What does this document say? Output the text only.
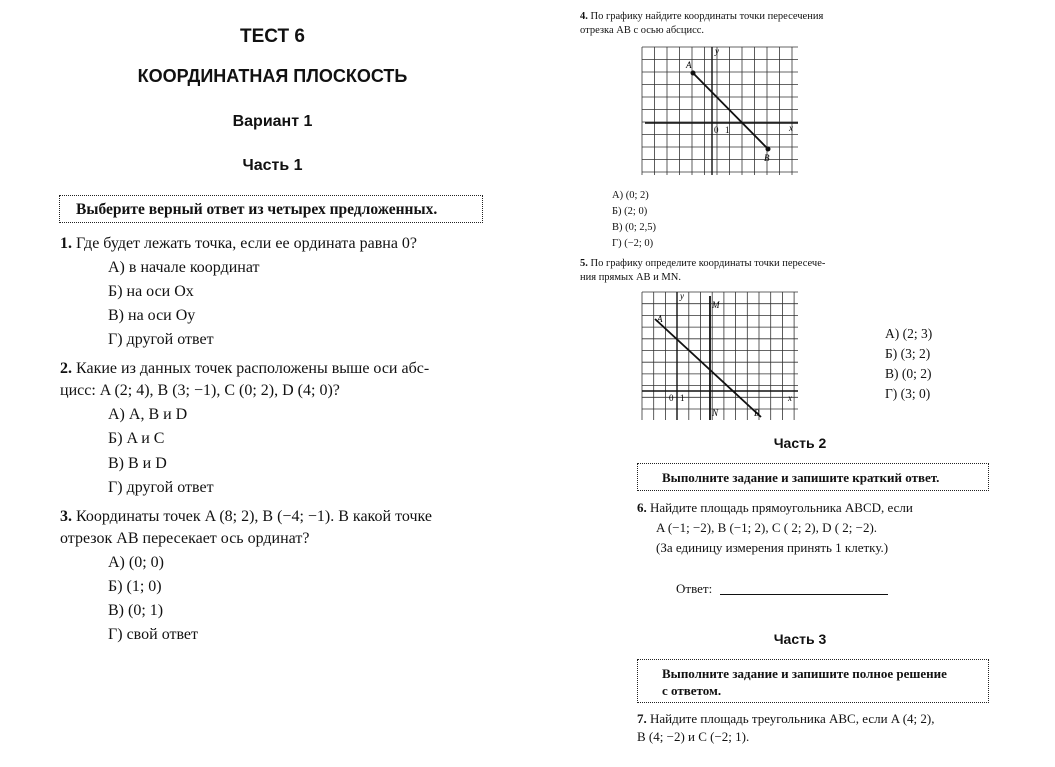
ТЕСТ 6
КООРДИНАТНАЯ ПЛОСКОСТЬ
Вариант 1
Часть 1
Выберите верный ответ из четырех предложенных.
1. Где будет лежать точка, если ее ордината равна 0?
А) в начале координат
Б) на оси Ox
В) на оси Oy
Г) другой ответ
2. Какие из данных точек расположены выше оси абс-
цисс: A (2; 4), B (3; −1), C (0; 2), D (4; 0)?
А) A, B и D
Б) A и C
В) B и D
Г) другой ответ
3. Координаты точек A (8; 2), B (−4; −1). В какой точке
отрезок AB пересекает ось ординат?
А) (0; 0)
Б) (1; 0)
В) (0; 1)
Г) свой ответ
4. По графику найдите координаты точки пересечения
отрезка AB с осью абсцисс.
y
x
0 1
A
B
А) (0; 2)
Б) (2; 0)
В) (0; 2,5)
Г) (−2; 0)
5. По графику определите координаты точки пересече-
ния прямых AB и MN.
y
x
0 1
A
B
M
N
А) (2; 3)
Б) (3; 2)
В) (0; 2)
Г) (3; 0)
Часть 2
Выполните задание и запишите краткий ответ.
6. Найдите площадь прямоугольника ABCD, если
A (−1; −2), B (−1; 2), C ( 2; 2), D ( 2; −2).
(За единицу измерения принять 1 клетку.)
Ответ:
Часть 3
Выполните задание и запишите полное решение
с ответом.
7. Найдите площадь треугольника ABC, если A (4; 2),
B (4; −2) и C (−2; 1).
